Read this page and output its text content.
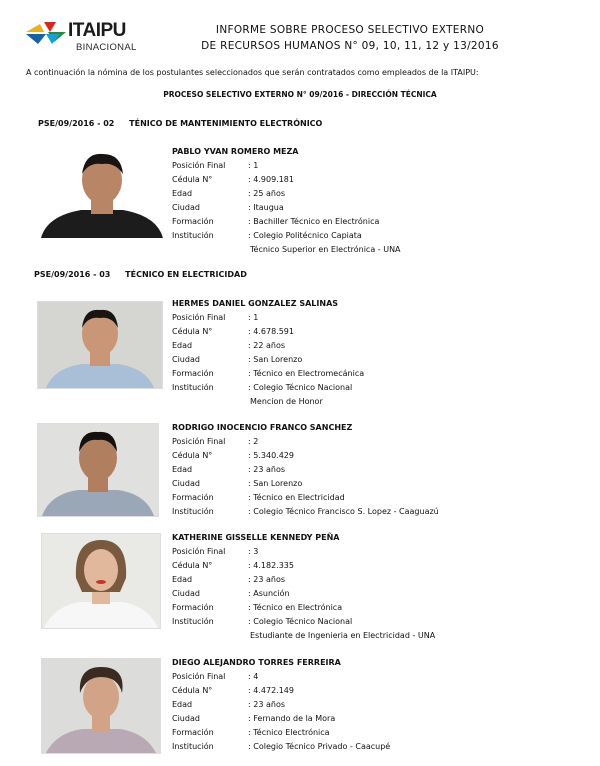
ITAIPU
BINACIONAL
INFORME SOBRE PROCESO SELECTIVO EXTERNO
DE RECURSOS HUMANOS N° 09, 10, 11, 12 y 13/2016
A continuación la nómina de los postulantes seleccionados que serán contratados como empleados de la ITAIPU:
PROCESO SELECTIVO EXTERNO N° 09/2016 - DIRECCIÓN TÉCNICA
PSE/09/2016 - 02 TÉNICO DE MANTENIMIENTO ELECTRÓNICO
PABLO YVAN ROMERO MEZA
Posición Final	: 1
Cédula N°	: 4.909.181
Edad	: 25 años
Ciudad	: Itaugua
Formación	: Bachiller Técnico en Electrónica
Institución	: Colegio Politécnico Capiata
Técnico Superior en Electrónica - UNA
PSE/09/2016 - 03 TÉCNICO EN ELECTRICIDAD
HERMES DANIEL GONZALEZ SALINAS
Posición Final	: 1
Cédula N°	: 4.678.591
Edad	: 22 años
Ciudad	: San Lorenzo
Formación	: Técnico en Electromecánica
Institución	: Colegio Técnico Nacional
Mencion de Honor
RODRIGO INOCENCIO FRANCO SANCHEZ
Posición Final	: 2
Cédula N°	: 5.340.429
Edad	: 23 años
Ciudad	: San Lorenzo
Formación	: Técnico en Electricidad
Institución	: Colegio Técnico Francisco S. Lopez - Caaguazú
KATHERINE GISSELLE KENNEDY PEÑA
Posición Final	: 3
Cédula N°	: 4.182.335
Edad	: 23 años
Ciudad	: Asunción
Formación	: Técnico en Electrónica
Institución	: Colegio Técnico Nacional
Estudiante de Ingenieria en Electricidad - UNA
DIEGO ALEJANDRO TORRES FERREIRA
Posición Final	: 4
Cédula N°	: 4.472.149
Edad	: 23 años
Ciudad	: Fernando de la Mora
Formación	: Técnico Electrónica
Institución	: Colegio Técnico Privado - Caacupé
